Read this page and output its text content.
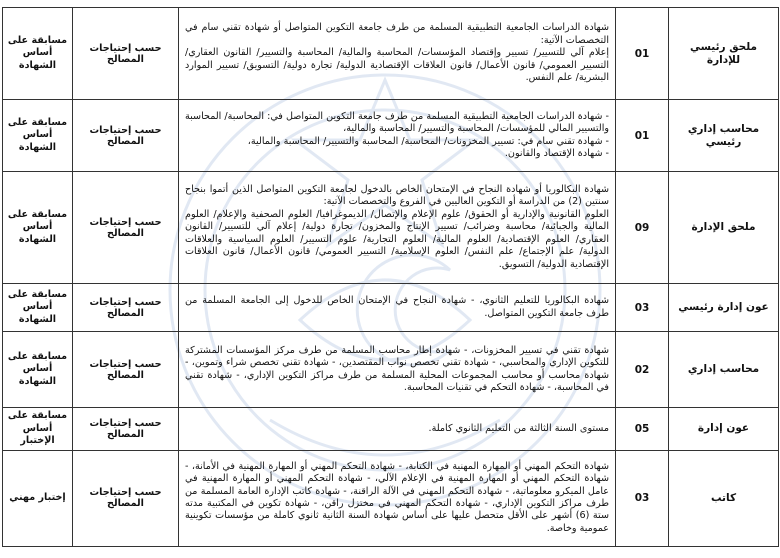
مسابقة على أساس الشهادة	حسب إحتياجات المصالح	شهادة الدراسات الجامعية التطبيقية المسلمة من طرف جامعة التكوين المتواصل أو شهادة تقني سام في التخصصات الآتية:

إعلام آلي للتسيير/ تسيير وإقتصاد المؤسسات/ المحاسبة والمالية/ المحاسبة والتسيير/ القانون العقاري/ التسيير العمومي/ قانون الأعمال/ قانون العلاقات الإقتصادية الدولية/ تجارة دولية/ التسويق/ تسيير الموارد البشرية/ علم النفس.	01	ملحق رئيسي للإدارة
مسابقة على أساس الشهادة	حسب إحتياجات المصالح	- شهادة الدراسات الجامعية التطبيقية المسلمة من طرف جامعة التكوين المتواصل في: المحاسبة/ المحاسبة والتسيير المالي للمؤسسات/ المحاسبة والتسيير/ المحاسبة والمالية،

- شهادة تقني سام في: تسيير المخزونات/ المحاسبة/ المحاسبة والتسيير/ المحاسبة والمالية،

- شهادة الإقتصاد والقانون.	01	محاسب إداري رئيسي
مسابقة على أساس الشهادة	حسب إحتياجات المصالح	شهادة البكالوريا أو شهادة النجاح في الإمتحان الخاص بالدخول لجامعة التكوين المتواصل الذين أتموا بنجاح سنتين (2) من الدراسة أو التكوين العاليين في الفروع والتخصصات الآتية:

العلوم القانونية والإدارية أو الحقوق/ علوم الإعلام والإتصال/ الديموغرافيا/ العلوم الصحفية والإعلام/ العلوم المالية والجبائية/ محاسبة وضرائب/ تسيير الإنتاج والمخزون/ تجارة دولية/ إعلام آلي للتسيير/ القانون العقاري/ العلوم الإقتصادية/ العلوم المالية/ العلوم التجارية/ علوم التسيير/ العلوم السياسية والعلاقات الدولية/ علم الإجتماع/ علم النفس/ العلوم الإسلامية/ التسيير العمومي/ قانون الأعمال/ قانون العلاقات الإقتصادية الدولية/ التسويق.	09	ملحق الإدارة
مسابقة على أساس الشهادة	حسب إحتياجات المصالح	شهادة البكالوريا للتعليم الثانوي، - شهادة النجاح في الإمتحان الخاص للدخول إلى الجامعة المسلمة من طرف جامعة التكوين المتواصل.	03	عون إدارة رئيسي
مسابقة على أساس الشهادة	حسب إحتياجات المصالح	شهادة تقني في تسيير المخزونات، - شهادة إطار محاسب المسلمة من طرف مركز المؤسسات المشتركة للتكوين الإداري والمحاسبي، - شهادة تقني تخصص نواب المقتصدين، - شهادة تقني تخصص شراء وتموين، - شهادة محاسب أو محاسب المجموعات المحلية المسلمة من طرف مراكز التكوين الإداري، - شهادة تقني في المحاسبة، - شهادة التحكم في تقنيات المحاسبة.	02	محاسب إداري
مسابقة على أساس الإختبار	حسب إحتياجات المصالح	مستوى السنة الثالثة من التعليم الثانوي كاملة.	05	عون إدارة
إختبار مهني	حسب إحتياجات المصالح	شهادة التحكم المهني أو المهارة المهنية في الكتابة، - شهادة التحكم المهني أو المهارة المهنية في الأمانة، - شهادة التحكم المهني أو المهارة المهنية في الإعلام الآلي، - شهادة التحكم المهني أو المهارة المهنية في عامل الميكرو معلوماتية، - شهادة التحكم المهني في الآلة الراقنة، - شهادة كاتب الإدارة العامة المسلمة من طرف مراكز التكوين الإداري، - شهادة التحكم المهني في مختزل راقن، - شهادة تكوين في المكتبية مدته ستة (6) أشهر على الأقل متحصل عليها على أساس شهادة السنة الثانية ثانوي كاملة من مؤسسات تكوينية عمومية وخاصة.	03	كاتب
